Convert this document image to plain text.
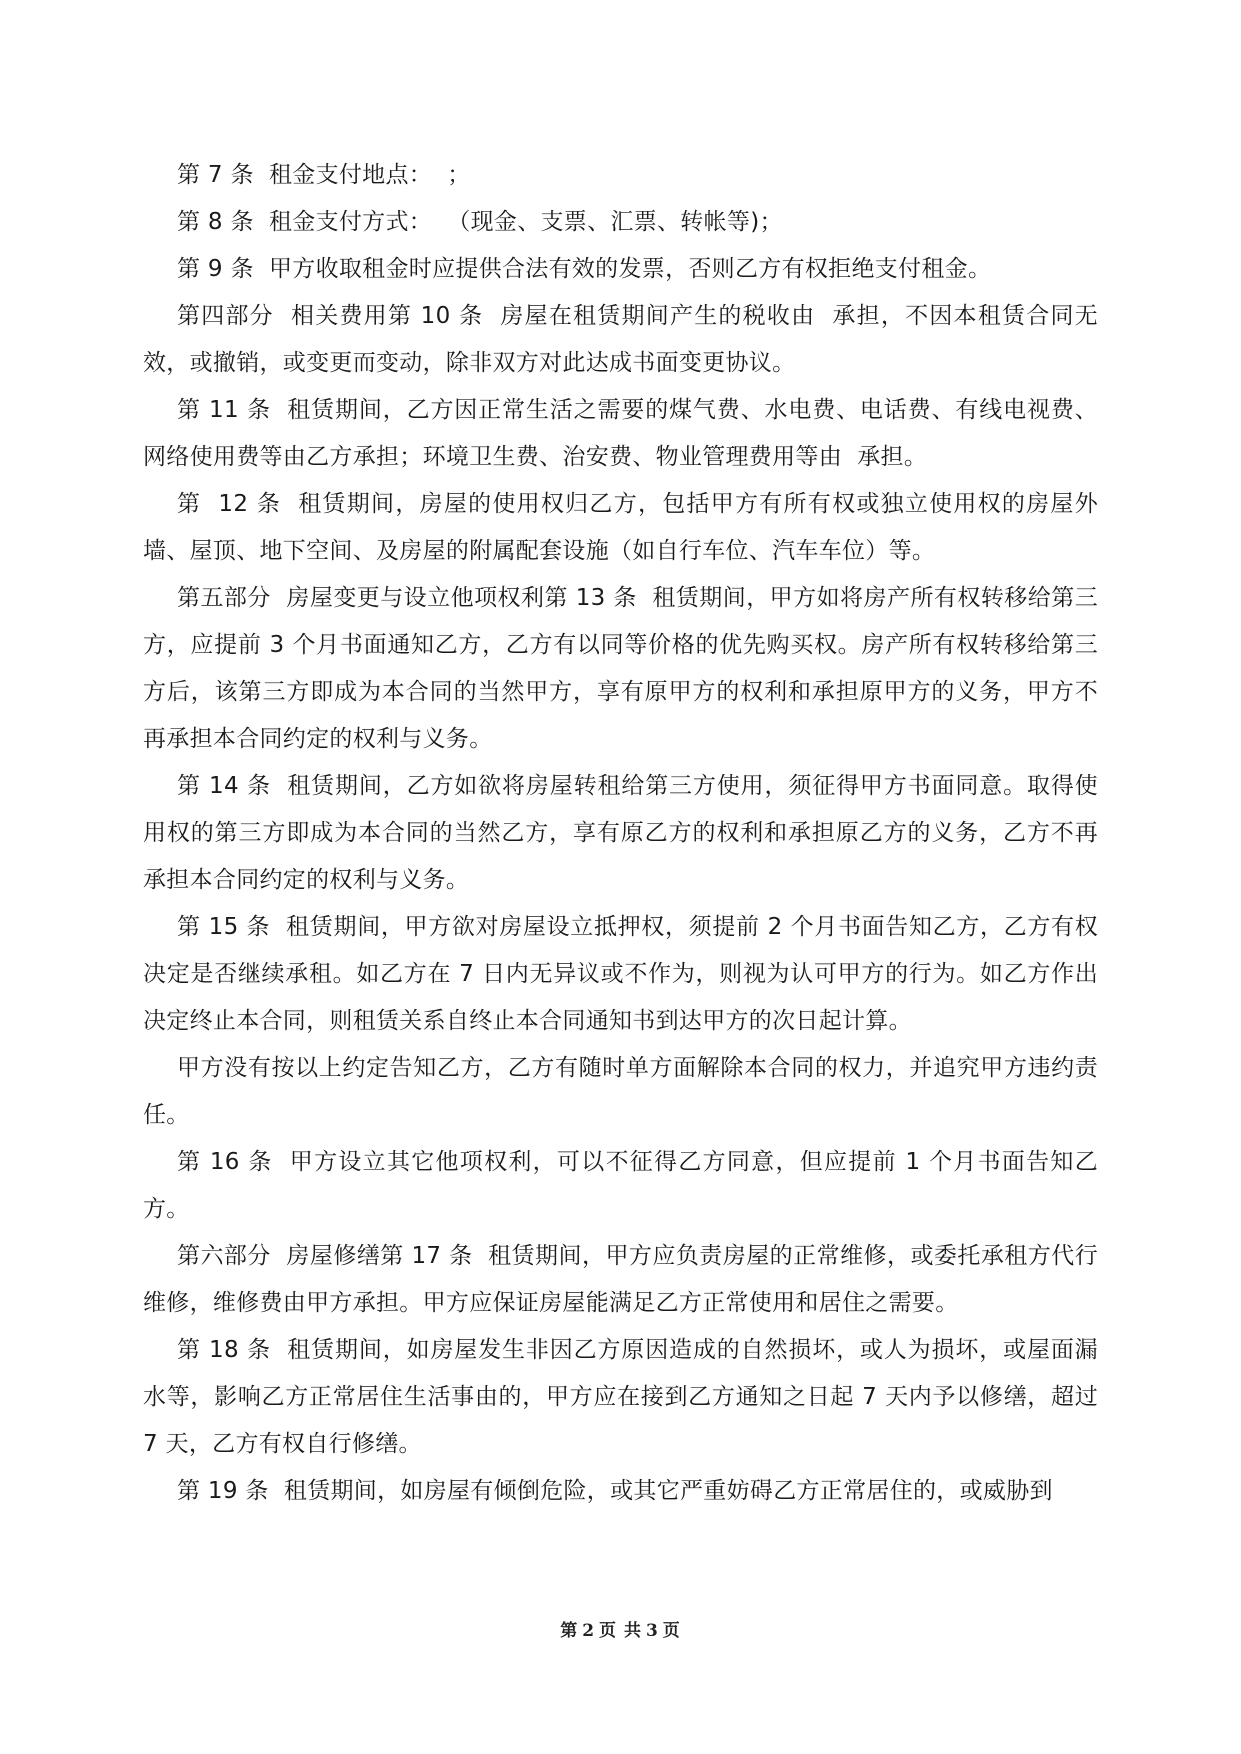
第 7 条  租金支付地点：  ；

第 8 条  租金支付方式：  （现金、支票、汇票、转帐等)；

第 9 条  甲方收取租金时应提供合法有效的发票，否则乙方有权拒绝支付租金。

第四部分  相关费用第 10 条  房屋在租赁期间产生的税收由  承担，不因本租赁合同无效，或撤销，或变更而变动，除非双方对此达成书面变更协议。

第 11 条  租赁期间，乙方因正常生活之需要的煤气费、水电费、电话费、有线电视费、网络使用费等由乙方承担；环境卫生费、治安费、物业管理费用等由  承担。

第  12 条  租赁期间，房屋的使用权归乙方，包括甲方有所有权或独立使用权的房屋外墙、屋顶、地下空间、及房屋的附属配套设施（如自行车位、汽车车位）等。

第五部分  房屋变更与设立他项权利第 13 条  租赁期间，甲方如将房产所有权转移给第三方，应提前 3 个月书面通知乙方，乙方有以同等价格的优先购买权。房产所有权转移给第三方后，该第三方即成为本合同的当然甲方，享有原甲方的权利和承担原甲方的义务，甲方不再承担本合同约定的权利与义务。

第 14 条  租赁期间，乙方如欲将房屋转租给第三方使用，须征得甲方书面同意。取得使用权的第三方即成为本合同的当然乙方，享有原乙方的权利和承担原乙方的义务，乙方不再承担本合同约定的权利与义务。

第 15 条  租赁期间，甲方欲对房屋设立抵押权，须提前 2 个月书面告知乙方，乙方有权决定是否继续承租。如乙方在 7 日内无异议或不作为，则视为认可甲方的行为。如乙方作出决定终止本合同，则租赁关系自终止本合同通知书到达甲方的次日起计算。

甲方没有按以上约定告知乙方，乙方有随时单方面解除本合同的权力，并追究甲方违约责任。

第 16 条  甲方设立其它他项权利，可以不征得乙方同意，但应提前 1 个月书面告知乙方。

第六部分  房屋修缮第 17 条  租赁期间，甲方应负责房屋的正常维修，或委托承租方代行维修，维修费由甲方承担。甲方应保证房屋能满足乙方正常使用和居住之需要。

第 18 条  租赁期间，如房屋发生非因乙方原因造成的自然损坏，或人为损坏，或屋面漏水等，影响乙方正常居住生活事由的，甲方应在接到乙方通知之日起 7 天内予以修缮，超过 7 天，乙方有权自行修缮。

第 19 条  租赁期间，如房屋有倾倒危险，或其它严重妨碍乙方正常居住的，或威胁到

第 2 页 共 3 页
